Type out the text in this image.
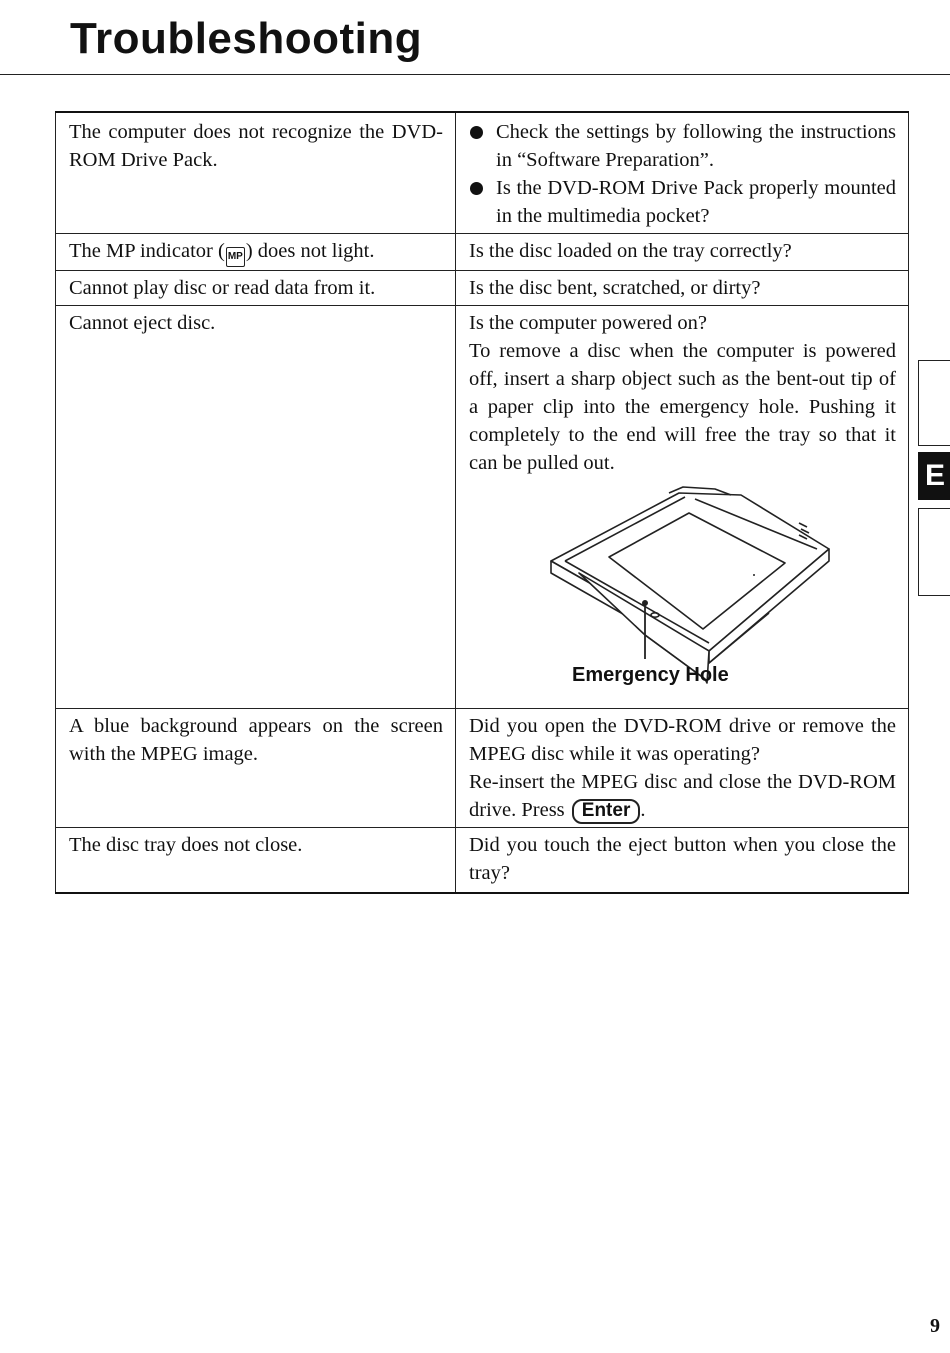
Troubleshooting
The computer does not recognize the DVD-ROM Drive Pack.	Check the settings by following the instructions in “Software Preparation”.
Is the DVD-ROM Drive Pack properly mounted in the multimedia pocket?

The MP indicator ( MP ) does not light.	Is the disc loaded on the tray correctly?
Cannot play disc or read data from it.	Is the disc bent, scratched, or dirty?
Cannot eject disc.	Is the computer powered on?
To remove a disc when the computer is powered off, insert a sharp object such as the bent-out tip of a paper clip into the emergency hole. Pushing it completely to the end will free the tray so that it can be pulled out.
Emergency Hole

A blue background appears on the screen with the MPEG image.	Did you open the DVD-ROM drive or remove the MPEG disc while it was operating?
Re-insert the MPEG disc and close the DVD-ROM drive. Press Enter .

The disc tray does not close.	Did you touch the eject button when you close the tray?
E
9
